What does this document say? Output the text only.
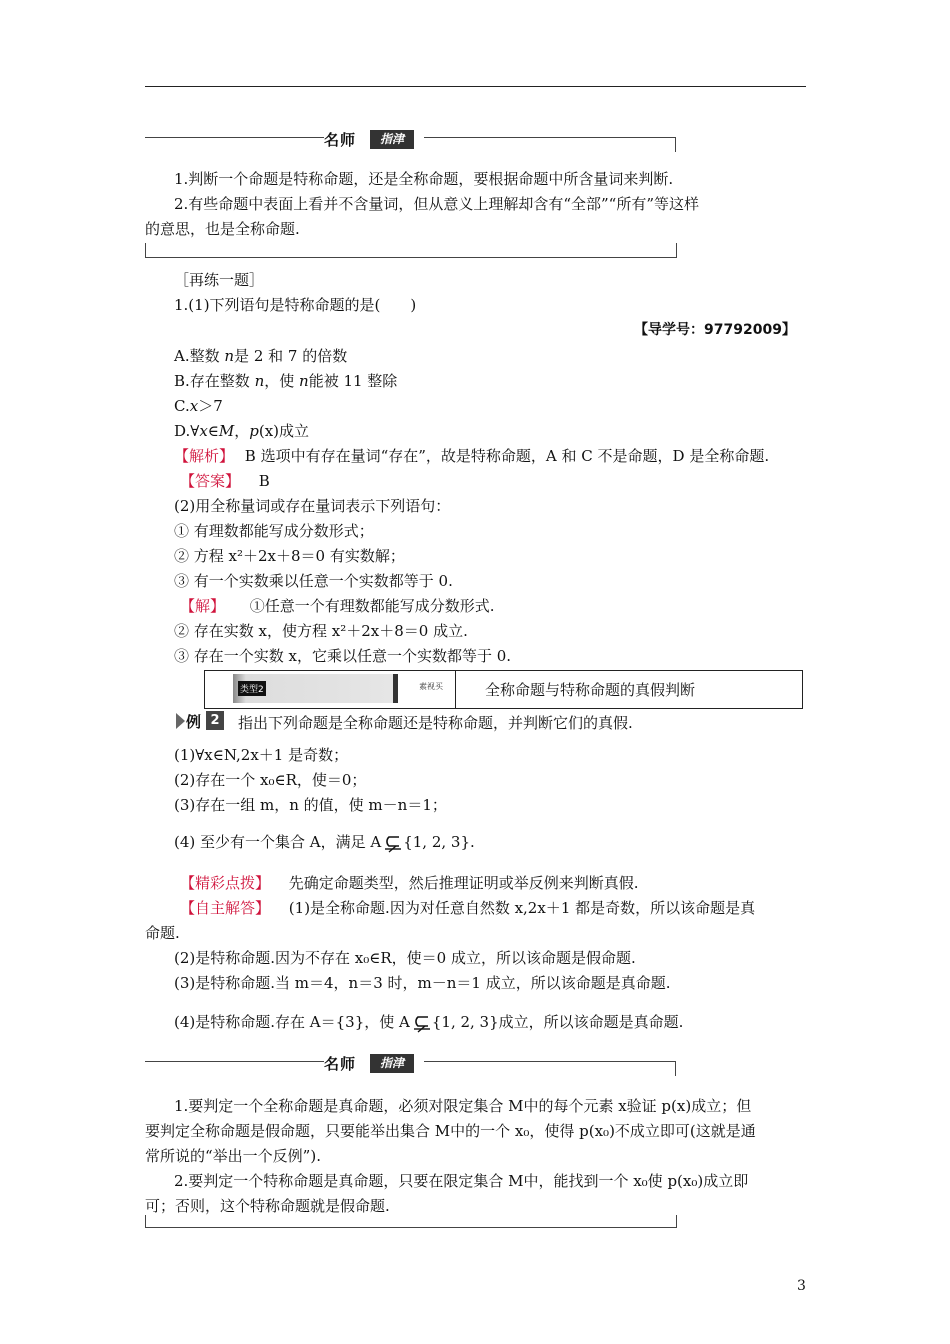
名师	指津
1.判断一个命题是特称命题，还是全称命题，要根据命题中所含量词来判断.
2.有些命题中表面上看并不含量词，但从意义上理解却含有“全部”“所有”等这样
的意思，也是全称命题.
［再练一题］
1.(1)下列语句是特称命题的是(　　)
【导学号：97792009】
A.整数 n是 2 和 7 的倍数
B.存在整数 n，使 n能被 11 整除
C.x＞7
D.∀x∈M，p(x)成立
【解析】 B 选项中有存在量词“存在”，故是特称命题，A 和 C 不是命题，D 是全称命题.
【答案】 B
(2)用全称量词或存在量词表示下列语句：
① 有理数都能写成分数形式；
② 方程 x²＋2x＋8＝0 有实数解；
③ 有一个实数乘以任意一个实数都等于 0.
【解】 ①任意一个有理数都能写成分数形式.
② 存在实数 x，使方程 x²＋2x＋8＝0 成立.
③ 存在一个实数 x，它乘以任意一个实数都等于 0.
类型2	素视买	全称命题与特称命题的真假判断
例 2 指出下列命题是全称命题还是特称命题，并判断它们的真假.
(1)∀x∈N,2x＋1 是奇数；
(2)存在一个 x₀∈R，使＝0；
(3)存在一组 m，n 的值，使 m－n＝1；
(4) 至少有一个集合 A，满足 A {1, 2, 3}.
【精彩点拨】 先确定命题类型，然后推理证明或举反例来判断真假.
【自主解答】 (1)是全称命题.因为对任意自然数 x,2x＋1 都是奇数，所以该命题是真
命题.
(2)是特称命题.因为不存在 x₀∈R，使＝0 成立，所以该命题是假命题.
(3)是特称命题.当 m＝4，n＝3 时，m－n＝1 成立，所以该命题是真命题.
(4)是特称命题.存在 A＝{3}，使 A {1, 2, 3}成立，所以该命题是真命题.
名师	指津
1.要判定一个全称命题是真命题，必须对限定集合 M中的每个元素 x验证 p(x)成立；但
要判定全称命题是假命题，只要能举出集合 M中的一个 x₀，使得 p(x₀)不成立即可(这就是通
常所说的“举出一个反例”).
2.要判定一个特称命题是真命题，只要在限定集合 M中，能找到一个 x₀使 p(x₀)成立即
可；否则，这个特称命题就是假命题.
3
